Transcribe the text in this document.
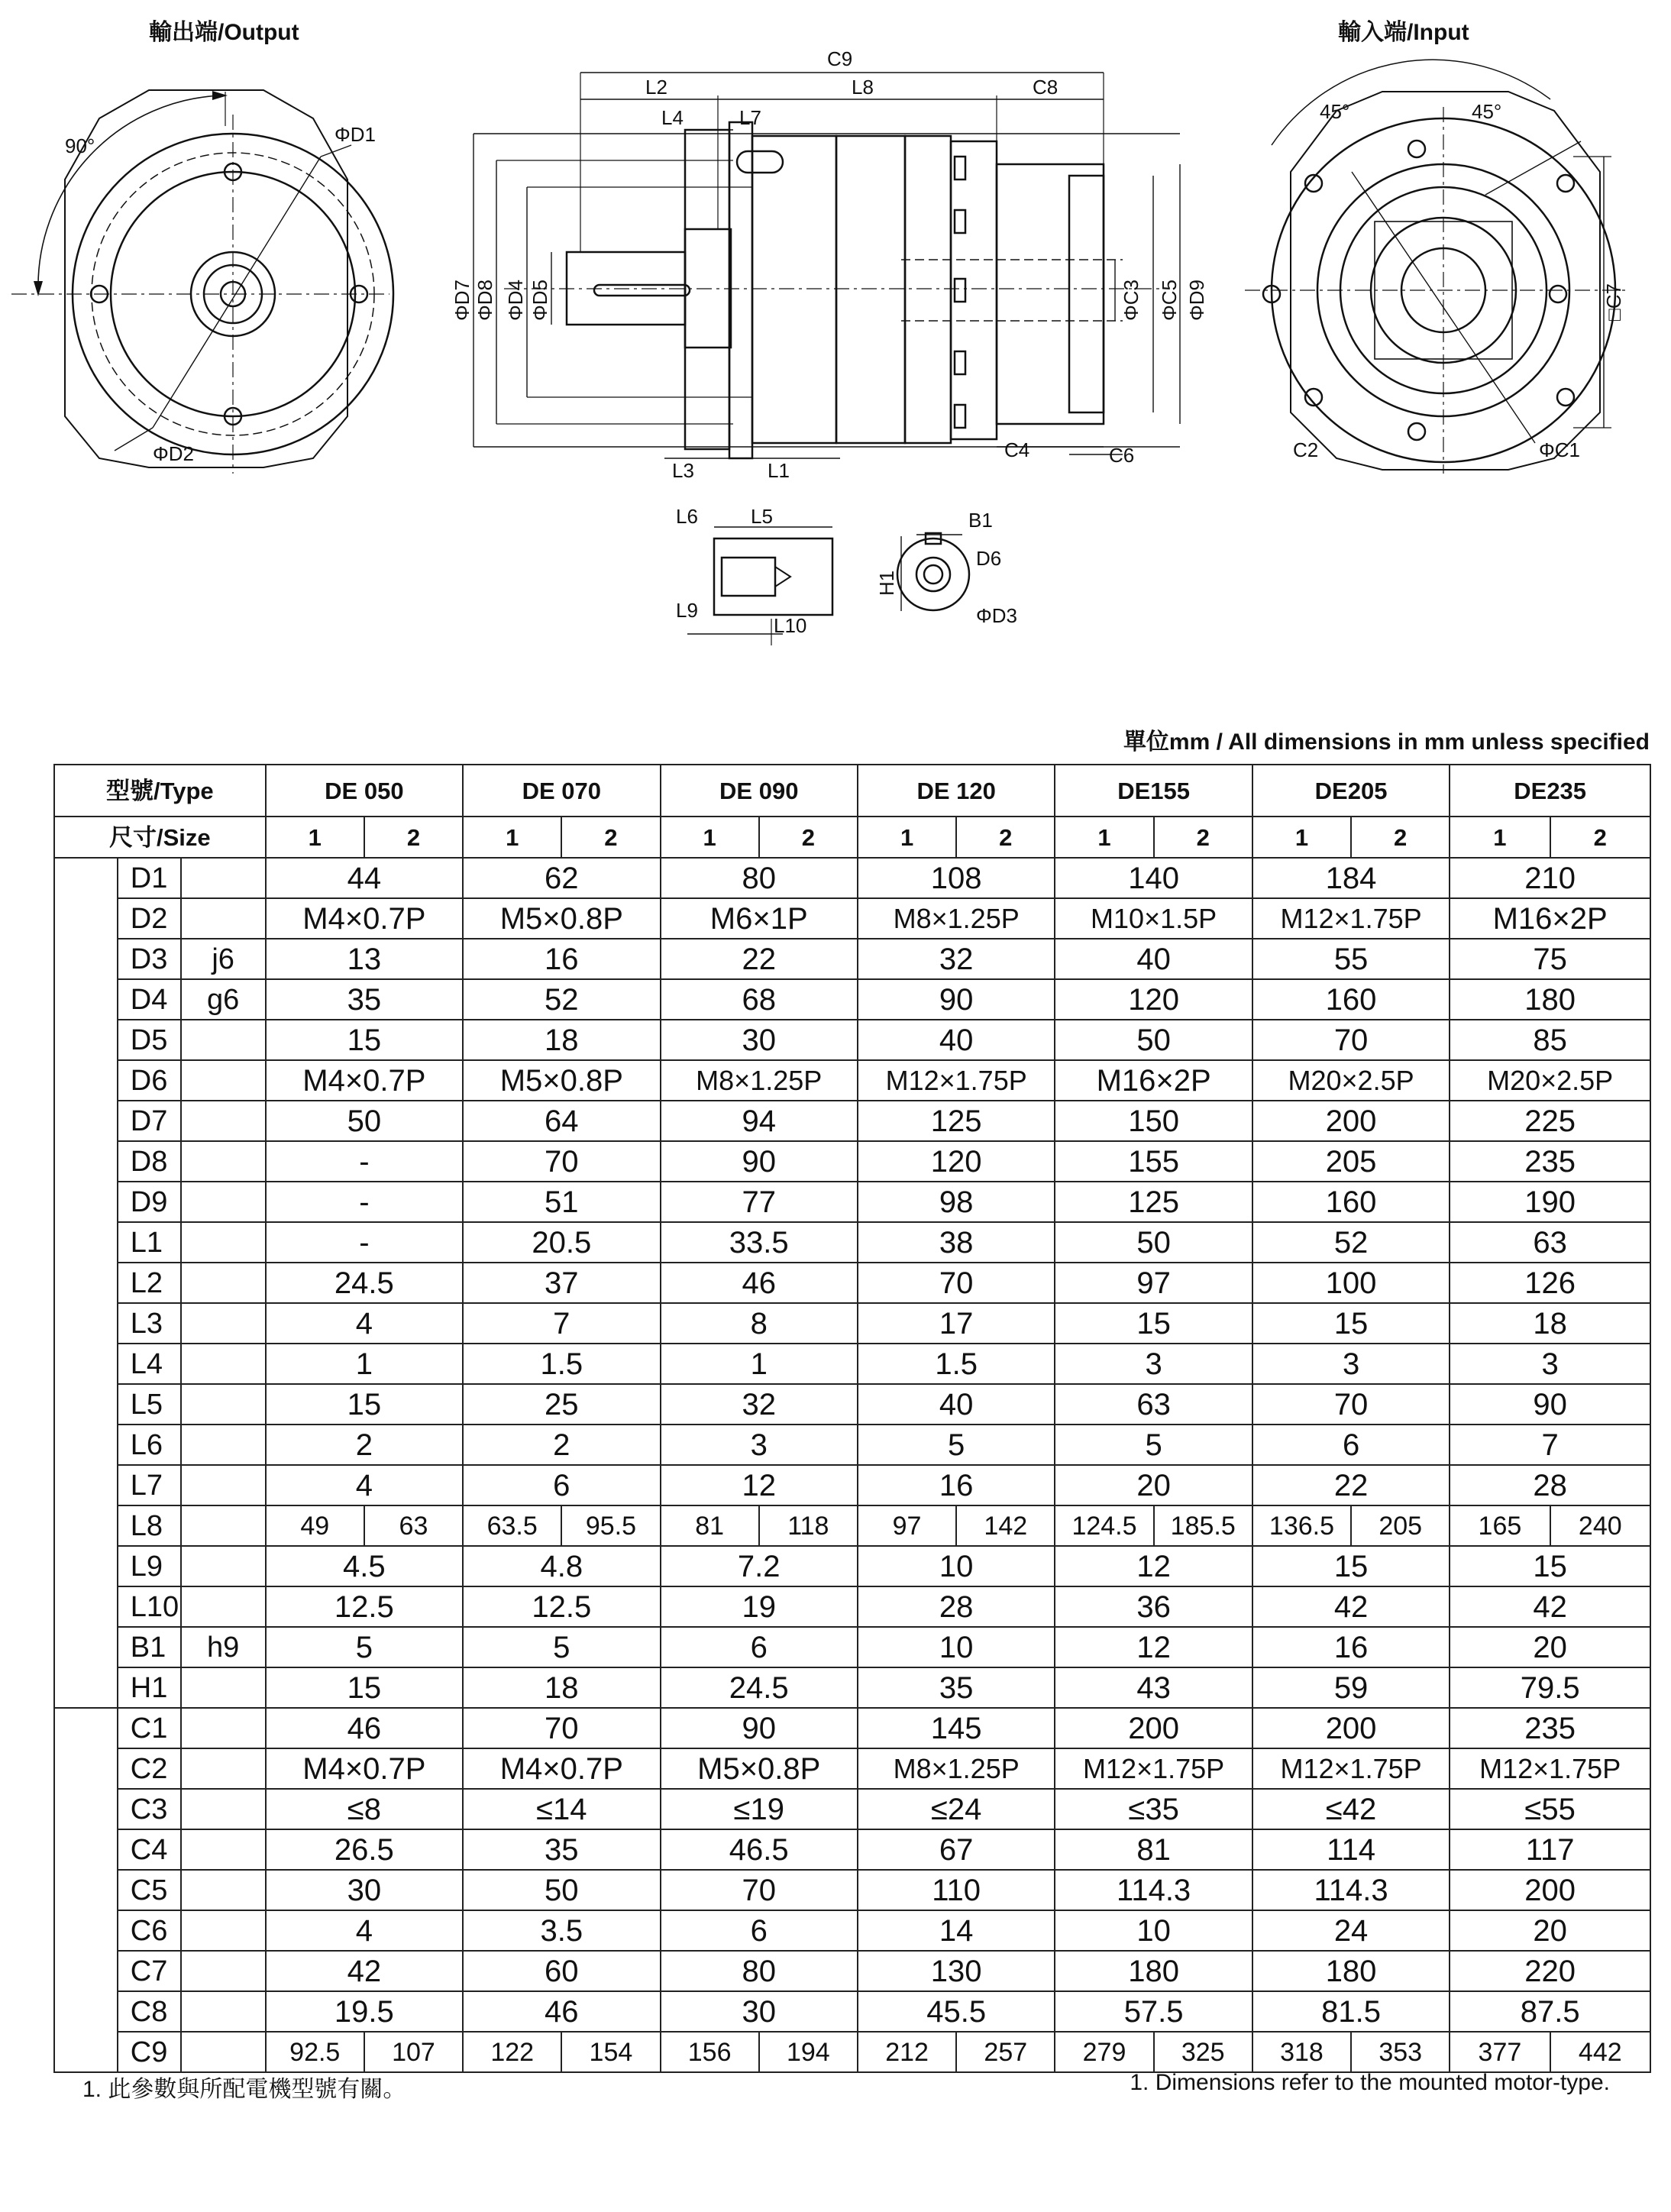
輸出端/Output	輸入端/Input
90°	ΦD1
ΦD2
C9
L2	L8	C8
L4	L7
ΦD7 ΦD8 ΦD4 ΦD5	ΦC3 ΦC5 ΦD9
L3	L1
C4	C6
45°	45°
□C7
C2	ΦC1
L6	L5
L9
L10
B1
D6
H1
ΦD3
單位mm / All dimensions in mm unless specified
型號/Type			DE 050		DE 070		DE 090		DE 120		DE155		DE205		DE235	
尺寸/Size			1	2	1	2	1	2	1	2	1	2	1	2	1	2
	D1		44		62		80		108		140		184		210	
	D2		M4×0.7P		M5×0.8P		M6×1P		M8×1.25P		M10×1.5P		M12×1.75P		M16×2P	
	D3	j6	13		16		22		32		40		55		75	
	D4	g6	35		52		68		90		120		160		180	
	D5		15		18		30		40		50		70		85	
	D6		M4×0.7P		M5×0.8P		M8×1.25P		M12×1.75P		M16×2P		M20×2.5P		M20×2.5P	
	D7		50		64		94		125		150		200		225	
	D8		-		70		90		120		155		205		235	
	D9		-		51		77		98		125		160		190	
	L1		-		20.5		33.5		38		50		52		63	
	L2		24.5		37		46		70		97		100		126	
	L3		4		7		8		17		15		15		18	
	L4		1		1.5		1		1.5		3		3		3	
	L5		15		25		32		40		63		70		90	
	L6		2		2		3		5		5		6		7	
	L7		4		6		12		16		20		22		28	
	L8		49	63	63.5	95.5	81	118	97	142	124.5	185.5	136.5	205	165	240
	L9		4.5		4.8		7.2		10		12		15		15	
	L10		12.5		12.5		19		28		36		42		42	
	B1	h9	5		5		6		10		12		16		20	
	H1		15		18		24.5		35		43		59		79.5	
	C1		46		70		90		145		200		200		235	
	C2		M4×0.7P		M4×0.7P		M5×0.8P		M8×1.25P		M12×1.75P		M12×1.75P		M12×1.75P	
	C3		≤8		≤14		≤19		≤24		≤35		≤42		≤55	
	C4		26.5		35		46.5		67		81		114		117	
	C5		30		50		70		110		114.3		114.3		200	
	C6		4		3.5		6		14		10		24		20	
	C7		42		60		80		130		180		180		220	
	C8		19.5		46		30		45.5		57.5		81.5		87.5	
	C9		92.5	107	122	154	156	194	212	257	279	325	318	353	377	442
1. 此參數與所配電機型號有關。	1. Dimensions refer to the mounted motor-type.
